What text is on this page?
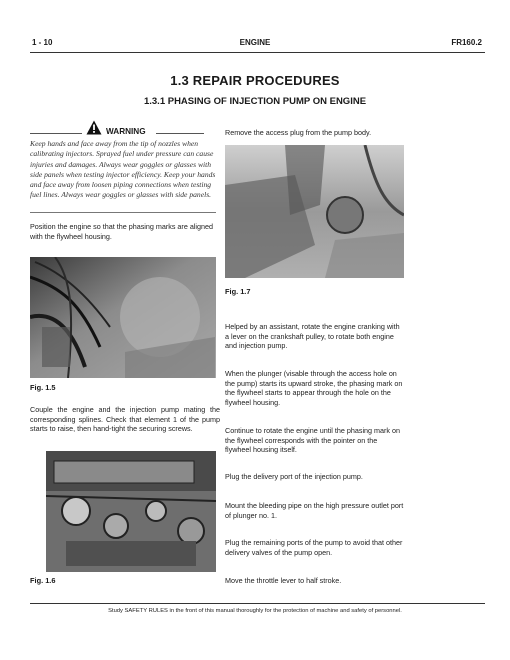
1 - 10	ENGINE	FR160.2
1.3 REPAIR PROCEDURES
1.3.1 PHASING OF INJECTION PUMP ON ENGINE
WARNING
Keep hands and face away from the tip of nozzles when calibrating injectors. Sprayed fuel under pressure can cause injuries and damages. Always wear goggles or glasses with side panels when testing injector efficiency. Keep your hands and face away from loosen piping connections when testing fuel lines. Always wear goggles or glasses with side panels.
Position the engine so that the phasing marks are aligned with the flywheel housing.
Fig. 1.5
Couple the engine and the injection pump mating the corresponding splines. Check that element 1 of the pump starts to raise, then hand-tight the securing screws.
Fig. 1.6
Remove the access plug from the pump body.
Fig. 1.7
Helped by an assistant, rotate the engine cranking with a lever on the crankshaft pulley, to rotate both engine and injection pump.
When the plunger (visable through the access hole on the pump) starts its upward stroke, the phasing mark on the flywheel starts to appear through the hole on the flywheel housing.
Continue to rotate the engine until the phasing mark on the flywheel corresponds with the pointer on the flywheel housing itself.
Plug the delivery port of the injection pump.
Mount the bleeding pipe on the high pressure outlet port of plunger no. 1.
Plug the remaining ports of the pump to avoid that other delivery valves of the pump open.
Move the throttle lever to half stroke.
Study SAFETY RULES in the front of this manual thoroughly for the protection of machine and safety of personnel.
